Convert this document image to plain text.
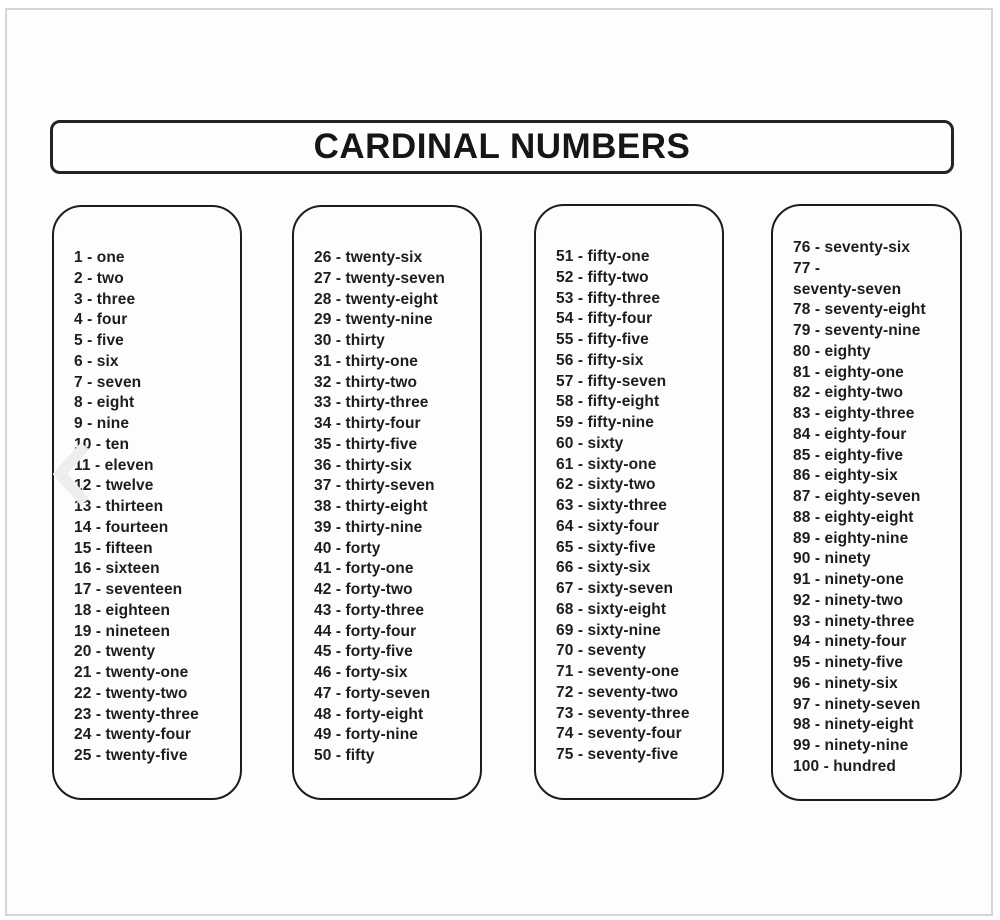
CARDINAL NUMBERS
1 - one
2 - two
3 - three
4 - four
5 - five
6 - six
7 - seven
8 - eight
9 - nine
10 - ten
11 - eleven
12 - twelve
13 - thirteen
14 - fourteen
15 - fifteen
16 - sixteen
17 - seventeen
18 - eighteen
19 - nineteen
20 - twenty
21 - twenty-one
22 - twenty-two
23 - twenty-three
24 - twenty-four
25 - twenty-five
26 - twenty-six
27 - twenty-seven
28 - twenty-eight
29 - twenty-nine
30 - thirty
31 - thirty-one
32 - thirty-two
33 - thirty-three
34 - thirty-four
35 - thirty-five
36 - thirty-six
37 - thirty-seven
38 - thirty-eight
39 - thirty-nine
40 - forty
41 - forty-one
42 - forty-two
43 - forty-three
44 - forty-four
45 - forty-five
46 - forty-six
47 - forty-seven
48 - forty-eight
49 - forty-nine
50 - fifty
51 - fifty-one
52 - fifty-two
53 - fifty-three
54 - fifty-four
55 - fifty-five
56 - fifty-six
57 - fifty-seven
58 - fifty-eight
59 - fifty-nine
60 - sixty
61 - sixty-one
62 - sixty-two
63 - sixty-three
64 - sixty-four
65 - sixty-five
66 - sixty-six
67 - sixty-seven
68 - sixty-eight
69 - sixty-nine
70 - seventy
71 - seventy-one
72 - seventy-two
73 - seventy-three
74 - seventy-four
75 - seventy-five
76 - seventy-six
77 -
seventy-seven
78 - seventy-eight
79 - seventy-nine
80 - eighty
81 - eighty-one
82 - eighty-two
83 - eighty-three
84 - eighty-four
85 - eighty-five
86 - eighty-six
87 - eighty-seven
88 - eighty-eight
89 - eighty-nine
90 - ninety
91 - ninety-one
92 - ninety-two
93 - ninety-three
94 - ninety-four
95 - ninety-five
96 - ninety-six
97 - ninety-seven
98 - ninety-eight
99 - ninety-nine
100 - hundred
